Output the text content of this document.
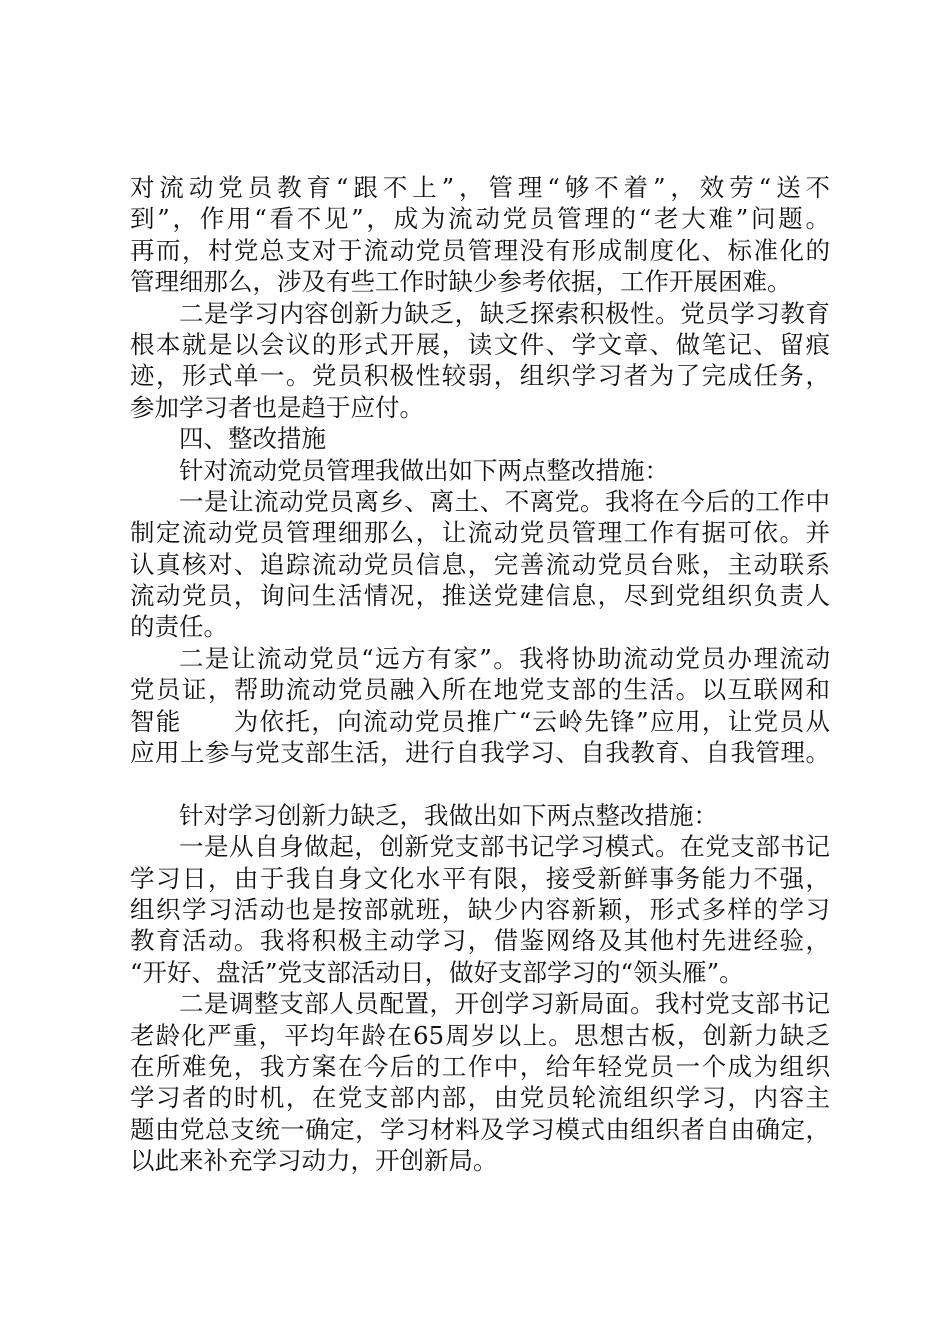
对流动党员教育“跟不上”，管理“够不着”，效劳“送不
到”，作用“看不见”，成为流动党员管理的“老大难”问题。
再而，村党总支对于流动党员管理没有形成制度化、标准化的
管理细那么，涉及有些工作时缺少参考依据，工作开展困难。
二是学习内容创新力缺乏，缺乏探索积极性。党员学习教育
根本就是以会议的形式开展，读文件、学文章、做笔记、留痕
迹，形式单一。党员积极性较弱，组织学习者为了完成任务，
参加学习者也是趋于应付。
四、整改措施
针对流动党员管理我做出如下两点整改措施：
一是让流动党员离乡、离土、不离党。我将在今后的工作中
制定流动党员管理细那么，让流动党员管理工作有据可依。并
认真核对、追踪流动党员信息，完善流动党员台账，主动联系
流动党员，询问生活情况，推送党建信息，尽到党组织负责人
的责任。
二是让流动党员“远方有家”。我将协助流动党员办理流动
党员证，帮助流动党员融入所在地党支部的生活。以互联网和
智能　　为依托，向流动党员推广“云岭先锋”应用，让党员从
应用上参与党支部生活，进行自我学习、自我教育、自我管理。
针对学习创新力缺乏，我做出如下两点整改措施：
一是从自身做起，创新党支部书记学习模式。在党支部书记
学习日，由于我自身文化水平有限，接受新鲜事务能力不强，
组织学习活动也是按部就班，缺少内容新颖，形式多样的学习
教育活动。我将积极主动学习，借鉴网络及其他村先进经验，
“开好、盘活”党支部活动日，做好支部学习的“领头雁”。
二是调整支部人员配置，开创学习新局面。我村党支部书记
老龄化严重，平均年龄在65周岁以上。思想古板，创新力缺乏
在所难免，我方案在今后的工作中，给年轻党员一个成为组织
学习者的时机，在党支部内部，由党员轮流组织学习，内容主
题由党总支统一确定，学习材料及学习模式由组织者自由确定，
以此来补充学习动力，开创新局。
